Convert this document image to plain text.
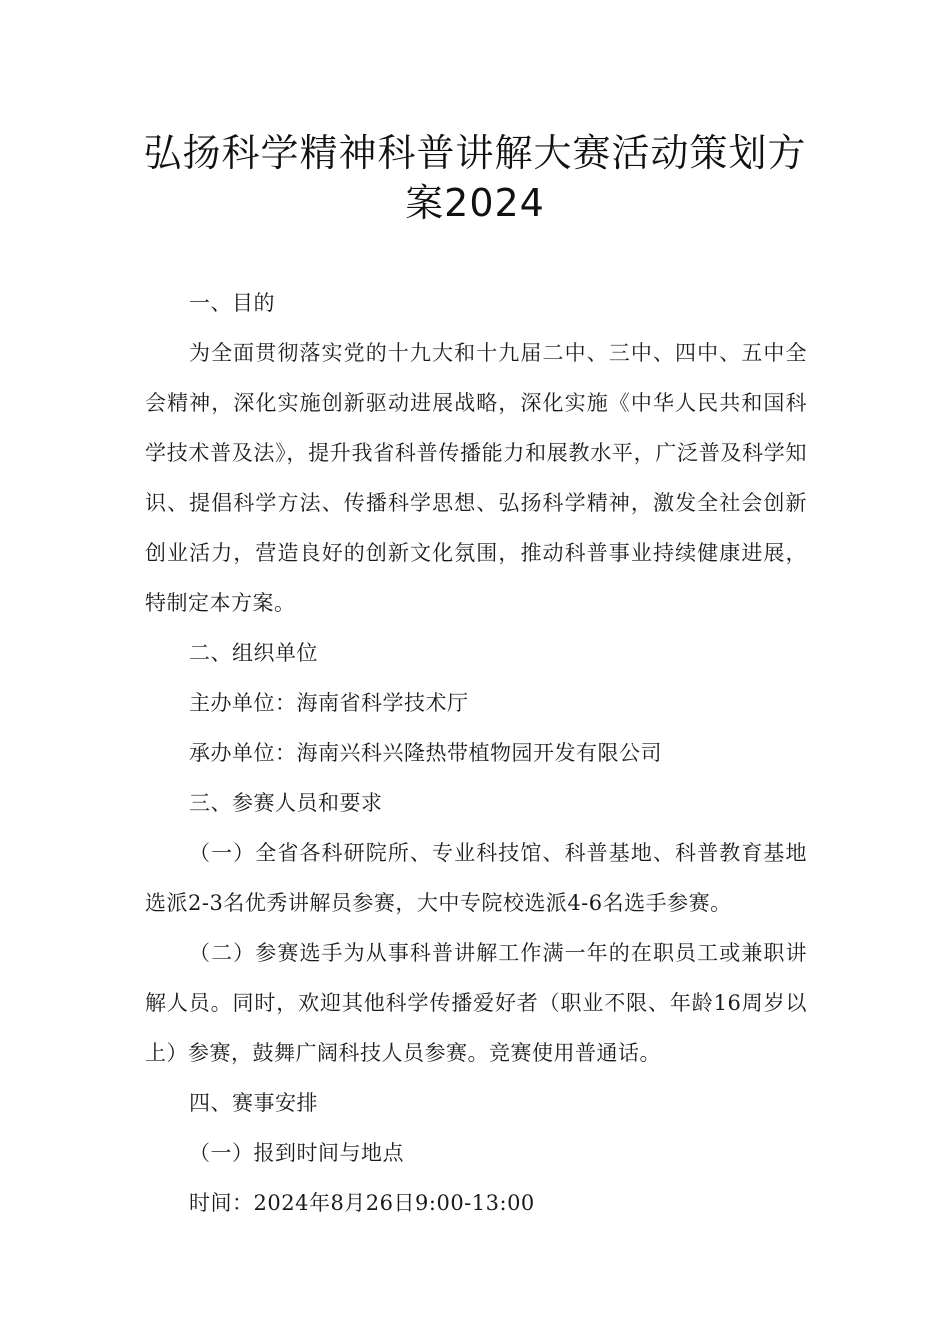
弘扬科学精神科普讲解大赛活动策划方案2024

一、目的

为全面贯彻落实党的十九大和十九届二中、三中、四中、五中全会精神，深化实施创新驱动进展战略，深化实施《中华人民共和国科学技术普及法》，提升我省科普传播能力和展教水平，广泛普及科学知识、提倡科学方法、传播科学思想、弘扬科学精神，激发全社会创新创业活力，营造良好的创新文化氛围，推动科普事业持续健康进展，特制定本方案。

二、组织单位

主办单位：海南省科学技术厅

承办单位：海南兴科兴隆热带植物园开发有限公司

三、参赛人员和要求

（一）全省各科研院所、专业科技馆、科普基地、科普教育基地选派2-3名优秀讲解员参赛，大中专院校选派4-6名选手参赛。

（二）参赛选手为从事科普讲解工作满一年的在职员工或兼职讲解人员。同时，欢迎其他科学传播爱好者（职业不限、年龄16周岁以上）参赛，鼓舞广阔科技人员参赛。竞赛使用普通话。

四、赛事安排

（一）报到时间与地点

时间：2024年8月26日9:00-13:00
